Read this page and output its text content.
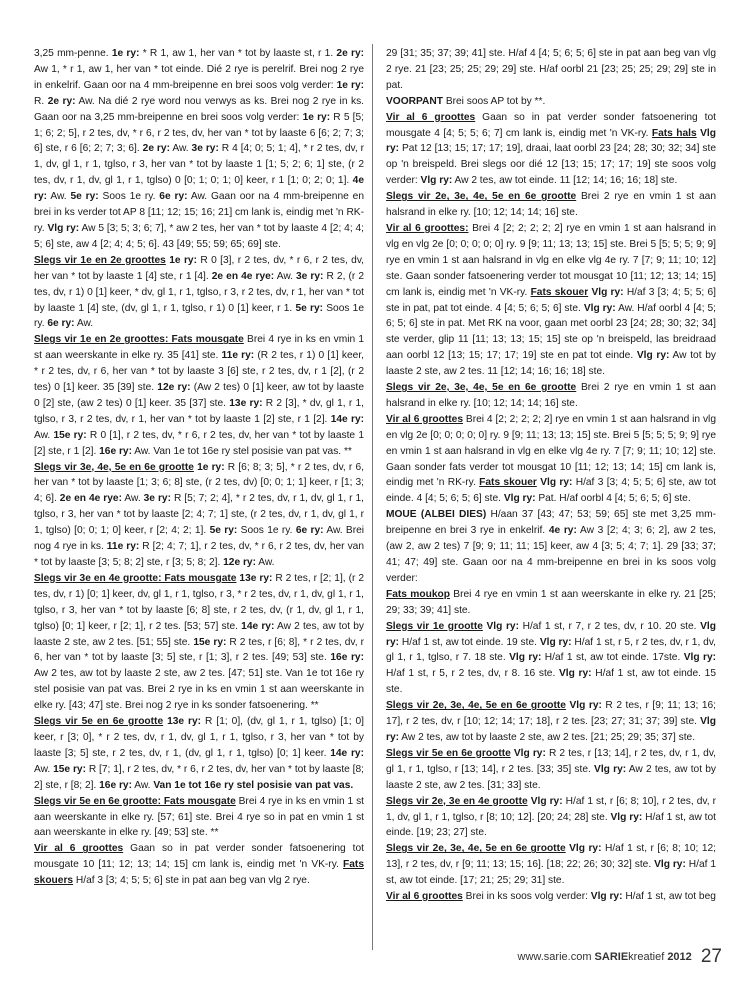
3,25 mm-penne. 1e ry: * R 1, aw 1, her van * tot by laaste st, r 1. 2e ry: Aw 1, * r 1, aw 1, her van * tot einde. Dié 2 rye is perelrif. Brei nog 2 rye in enkelrif. Gaan oor na 4 mm-breipenne en brei soos volg verder: 1e ry: R. 2e ry: Aw. Na dié 2 rye word nou verwys as ks. Brei nog 2 rye in ks. Gaan oor na 3,25 mm-breipenne en brei soos volg verder: 1e ry: R 5 [5; 1; 6; 2; 5], r 2 tes, dv, * r 6, r 2 tes, dv, her van * tot by laaste 6 [6; 2; 7; 3; 6] ste, r 6 [6; 2; 7; 3; 6]. 2e ry: Aw. 3e ry: R 4 [4; 0; 5; 1; 4], * r 2 tes, dv, r 1, dv, gl 1, r 1, tglso, r 3, her van * tot by laaste 1 [1; 5; 2; 6; 1] ste, (r 2 tes, dv, r 1, dv, gl 1, r 1, tglso) 0 [0; 1; 0; 1; 0] keer, r 1 [1; 0; 2; 0; 1]. 4e ry: Aw. 5e ry: Soos 1e ry. 6e ry: Aw. Gaan oor na 4 mm-breipenne en brei in ks verder tot AP 8 [11; 12; 15; 16; 21] cm lank is, eindig met 'n RK-ry. Vlg ry: Aw 5 [3; 5; 3; 6; 7], * aw 2 tes, her van * tot by laaste 4 [2; 4; 4; 5; 6] ste, aw 4 [2; 4; 4; 5; 6]. 43 [49; 55; 59; 65; 69] ste.

Slegs vir 1e en 2e groottes 1e ry: R 0 [3], r 2 tes, dv, * r 6, r 2 tes, dv, her van * tot by laaste 1 [4] ste, r 1 [4]. 2e en 4e rye: Aw. 3e ry: R 2, (r 2 tes, dv, r 1) 0 [1] keer, * dv, gl 1, r 1, tglso, r 3, r 2 tes, dv, r 1, her van * tot by laaste 1 [4] ste, (dv, gl 1, r 1, tglso, r 1) 0 [1] keer, r 1. 5e ry: Soos 1e ry. 6e ry: Aw.

Slegs vir 1e en 2e groottes: Fats mousgate Brei 4 rye in ks en vmin 1 st aan weerskante in elke ry. 35 [41] ste. 11e ry: (R 2 tes, r 1) 0 [1] keer, * r 2 tes, dv, r 6, her van * tot by laaste 3 [6] ste, r 2 tes, dv, r 1 [2], (r 2 tes) 0 [1] keer. 35 [39] ste. 12e ry: (Aw 2 tes) 0 [1] keer, aw tot by laaste 0 [2] ste, (aw 2 tes) 0 [1] keer. 35 [37] ste. 13e ry: R 2 [3], * dv, gl 1, r 1, tglso, r 3, r 2 tes, dv, r 1, her van * tot by laaste 1 [2] ste, r 1 [2]. 14e ry: Aw. 15e ry: R 0 [1], r 2 tes, dv, * r 6, r 2 tes, dv, her van * tot by laaste 1 [2] ste, r 1 [2]. 16e ry: Aw. Van 1e tot 16e ry stel posisie van pat vas. **

Slegs vir 3e, 4e, 5e en 6e grootte 1e ry: R [6; 8; 3; 5], * r 2 tes, dv, r 6, her van * tot by laaste [1; 3; 6; 8] ste, (r 2 tes, dv) [0; 0; 1; 1] keer, r [1; 3; 4; 6]. 2e en 4e rye: Aw. 3e ry: R [5; 7; 2; 4], * r 2 tes, dv, r 1, dv, gl 1, r 1, tglso, r 3, her van * tot by laaste [2; 4; 7; 1] ste, (r 2 tes, dv, r 1, dv, gl 1, r 1, tglso) [0; 0; 1; 0] keer, r [2; 4; 2; 1]. 5e ry: Soos 1e ry. 6e ry: Aw. Brei nog 4 rye in ks. 11e ry: R [2; 4; 7; 1], r 2 tes, dv, * r 6, r 2 tes, dv, her van * tot by laaste [3; 5; 8; 2] ste, r [3; 5; 8; 2]. 12e ry: Aw.

Slegs vir 3e en 4e grootte: Fats mousgate 13e ry: R 2 tes, r [2; 1], (r 2 tes, dv, r 1) [0; 1] keer, dv, gl 1, r 1, tglso, r 3, * r 2 tes, dv, r 1, dv, gl 1, r 1, tglso, r 3, her van * tot by laaste [6; 8] ste, r 2 tes, dv, (r 1, dv, gl 1, r 1, tglso) [0; 1] keer, r [2; 1], r 2 tes. [53; 57] ste. 14e ry: Aw 2 tes, aw tot by laaste 2 ste, aw 2 tes. [51; 55] ste. 15e ry: R 2 tes, r [6; 8], * r 2 tes, dv, r 6, her van * tot by laaste [3; 5] ste, r [1; 3], r 2 tes. [49; 53] ste. 16e ry: Aw 2 tes, aw tot by laaste 2 ste, aw 2 tes. [47; 51] ste. Van 1e tot 16e ry stel posisie van pat vas. Brei 2 rye in ks en vmin 1 st aan weerskante in elke ry. [43; 47] ste. Brei nog 2 rye in ks sonder fatsoenering. **

Slegs vir 5e en 6e grootte 13e ry: R [1; 0], (dv, gl 1, r 1, tglso) [1; 0] keer, r [3; 0], * r 2 tes, dv, r 1, dv, gl 1, r 1, tglso, r 3, her van * tot by laaste [3; 5] ste, r 2 tes, dv, r 1, (dv, gl 1, r 1, tglso) [0; 1] keer. 14e ry: Aw. 15e ry: R [7; 1], r 2 tes, dv, * r 6, r 2 tes, dv, her van * tot by laaste [8; 2] ste, r [8; 2]. 16e ry: Aw. Van 1e tot 16e ry stel posisie van pat vas.

Slegs vir 5e en 6e grootte: Fats mousgate Brei 4 rye in ks en vmin 1 st aan weerskante in elke ry. [57; 61] ste. Brei 4 rye so in pat en vmin 1 st aan weerskante in elke ry. [49; 53] ste. **

Vir al 6 groottes Gaan so in pat verder sonder fatsoenering tot mousgate 10 [11; 12; 13; 14; 15] cm lank is, eindig met 'n VK-ry. Fats skouers H/af 3 [3; 4; 5; 5; 6] ste in pat aan beg van vlg 2 rye.

29 [31; 35; 37; 39; 41] ste. H/af 4 [4; 5; 6; 5; 6] ste in pat aan beg van vlg 2 rye. 21 [23; 25; 25; 29; 29] ste. H/af oorbl 21 [23; 25; 25; 29; 29] ste in pat.

VOORPANT Brei soos AP tot by **.

Vir al 6 groottes Gaan so in pat verder sonder fatsoenering tot mousgate 4 [4; 5; 5; 6; 7] cm lank is, eindig met 'n VK-ry. Fats hals Vlg ry: Pat 12 [13; 15; 17; 17; 19], draai, laat oorbl 23 [24; 28; 30; 32; 34] ste op 'n breispeld. Brei slegs oor dié 12 [13; 15; 17; 17; 19] ste soos volg verder: Vlg ry: Aw 2 tes, aw tot einde. 11 [12; 14; 16; 16; 18] ste.

Slegs vir 2e, 3e, 4e, 5e en 6e grootte Brei 2 rye en vmin 1 st aan halsrand in elke ry. [10; 12; 14; 14; 16] ste.

Vir al 6 groottes: Brei 4 [2; 2; 2; 2; 2] rye en vmin 1 st aan halsrand in vlg en vlg 2e [0; 0; 0; 0; 0] ry. 9 [9; 11; 13; 13; 15] ste. Brei 5 [5; 5; 5; 9; 9] rye en vmin 1 st aan halsrand in vlg en elke vlg 4e ry. 7 [7; 9; 11; 10; 12] ste. Gaan sonder fatsoenering verder tot mousgat 10 [11; 12; 13; 14; 15] cm lank is, eindig met 'n VK-ry. Fats skouer Vlg ry: H/af 3 [3; 4; 5; 5; 6] ste in pat, pat tot einde. 4 [4; 5; 6; 5; 6] ste. Vlg ry: Aw. H/af oorbl 4 [4; 5; 6; 5; 6] ste in pat. Met RK na voor, gaan met oorbl 23 [24; 28; 30; 32; 34] ste verder, glip 11 [11; 13; 13; 15; 15] ste op 'n breispeld, las breidraad aan oorbl 12 [13; 15; 17; 17; 19] ste en pat tot einde. Vlg ry: Aw tot by laaste 2 ste, aw 2 tes. 11 [12; 14; 16; 16; 18] ste.

Slegs vir 2e, 3e, 4e, 5e en 6e grootte Brei 2 rye en vmin 1 st aan halsrand in elke ry. [10; 12; 14; 14; 16] ste.

Vir al 6 groottes Brei 4 [2; 2; 2; 2; 2] rye en vmin 1 st aan halsrand in vlg en vlg 2e [0; 0; 0; 0; 0] ry. 9 [9; 11; 13; 13; 15] ste. Brei 5 [5; 5; 5; 9; 9] rye en vmin 1 st aan halsrand in vlg en elke vlg 4e ry. 7 [7; 9; 11; 10; 12] ste. Gaan sonder fats verder tot mousgat 10 [11; 12; 13; 14; 15] cm lank is, eindig met 'n RK-ry. Fats skouer Vlg ry: H/af 3 [3; 4; 5; 5; 6] ste, aw tot einde. 4 [4; 5; 6; 5; 6] ste. Vlg ry: Pat. H/af oorbl 4 [4; 5; 6; 5; 6] ste.

MOUE (ALBEI DIES) H/aan 37 [43; 47; 53; 59; 65] ste met 3,25 mm-breipenne en brei 3 rye in enkelrif. 4e ry: Aw 3 [2; 4; 3; 6; 2], aw 2 tes, (aw 2, aw 2 tes) 7 [9; 9; 11; 11; 15] keer, aw 4 [3; 5; 4; 7; 1]. 29 [33; 37; 41; 47; 49] ste. Gaan oor na 4 mm-breipenne en brei in ks soos volg verder:

Fats moukop Brei 4 rye en vmin 1 st aan weerskante in elke ry. 21 [25; 29; 33; 39; 41] ste.

Slegs vir 1e grootte Vlg ry: H/af 1 st, r 7, r 2 tes, dv, r 10. 20 ste. Vlg ry: H/af 1 st, aw tot einde. 19 ste. Vlg ry: H/af 1 st, r 5, r 2 tes, dv, r 1, dv, gl 1, r 1, tglso, r 7. 18 ste. Vlg ry: H/af 1 st, aw tot einde. 17ste. Vlg ry: H/af 1 st, r 5, r 2 tes, dv, r 8. 16 ste. Vlg ry: H/af 1 st, aw tot einde. 15 ste.

Slegs vir 2e, 3e, 4e, 5e en 6e grootte Vlg ry: R 2 tes, r [9; 11; 13; 16; 17], r 2 tes, dv, r [10; 12; 14; 17; 18], r 2 tes. [23; 27; 31; 37; 39] ste. Vlg ry: Aw 2 tes, aw tot by laaste 2 ste, aw 2 tes. [21; 25; 29; 35; 37] ste.

Slegs vir 5e en 6e grootte Vlg ry: R 2 tes, r [13; 14], r 2 tes, dv, r 1, dv, gl 1, r 1, tglso, r [13; 14], r 2 tes. [33; 35] ste. Vlg ry: Aw 2 tes, aw tot by laaste 2 ste, aw 2 tes. [31; 33] ste.

Slegs vir 2e, 3e en 4e grootte Vlg ry: H/af 1 st, r [6; 8; 10], r 2 tes, dv, r 1, dv, gl 1, r 1, tglso, r [8; 10; 12]. [20; 24; 28] ste. Vlg ry: H/af 1 st, aw tot einde. [19; 23; 27] ste.

Slegs vir 2e, 3e, 4e, 5e en 6e grootte Vlg ry: H/af 1 st, r [6; 8; 10; 12; 13], r 2 tes, dv, r [9; 11; 13; 15; 16]. [18; 22; 26; 30; 32] ste. Vlg ry: H/af 1 st, aw tot einde. [17; 21; 25; 29; 31] ste.

Vir al 6 groottes Brei in ks soos volg verder: Vlg ry: H/af 1 st, aw tot beg

www.sarie.com SARIEkreatief 2012 27
